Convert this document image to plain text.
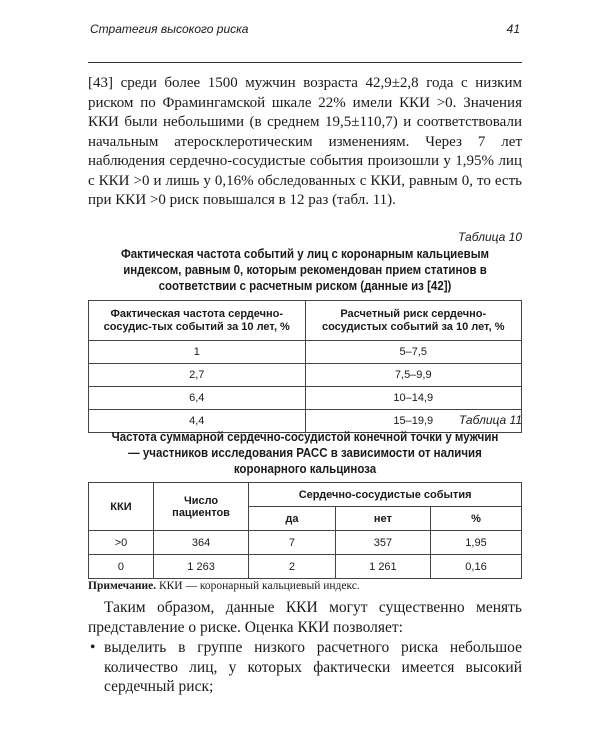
Стратегия высокого риска	41
[43] среди более 1500 мужчин возраста 42,9±2,8 года с низким риском по Фрамингамской шкале 22% имели ККИ >0. Значения ККИ были небольшими (в среднем 19,5±110,7) и соответствовали начальным атеросклеротическим изменениям. Через 7 лет наблюдения сердечно-сосудистые события произошли у 1,95% лиц с ККИ >0 и лишь у 0,16% обследованных с ККИ, равным 0, то есть при ККИ >0 риск повышался в 12 раз (табл. 11).
Таблица 10
Фактическая частота событий у лиц с коронарным кальциевым индексом, равным 0, которым рекомендован прием статинов в соответствии с расчетным риском (данные из [42])
Фактическая частота сердечно-сосудис-тых событий за 10 лет, %	Расчетный риск сердечно-сосудистых событий за 10 лет, %
1	5–7,5
2,7	7,5–9,9
6,4	10–14,9
4,4	15–19,9 Таблица 11
Частота суммарной сердечно-сосудистой конечной точки у мужчин — участников исследования РАСС в зависимости от наличия коронарного кальциноза
ККИ	Число пациентов	Сердечно-сосудистые события		
		да	нет	%
>0	364	7	357	1,95
0	1 263	2	1 261	0,16
Примечание. ККИ — коронарный кальциевый индекс.
Таким образом, данные ККИ могут существенно менять представление о риске. Оценка ККИ позволяет:
• выделить в группе низкого расчетного риска небольшое количество лиц, у которых фактически имеется высокий сердечный риск;
